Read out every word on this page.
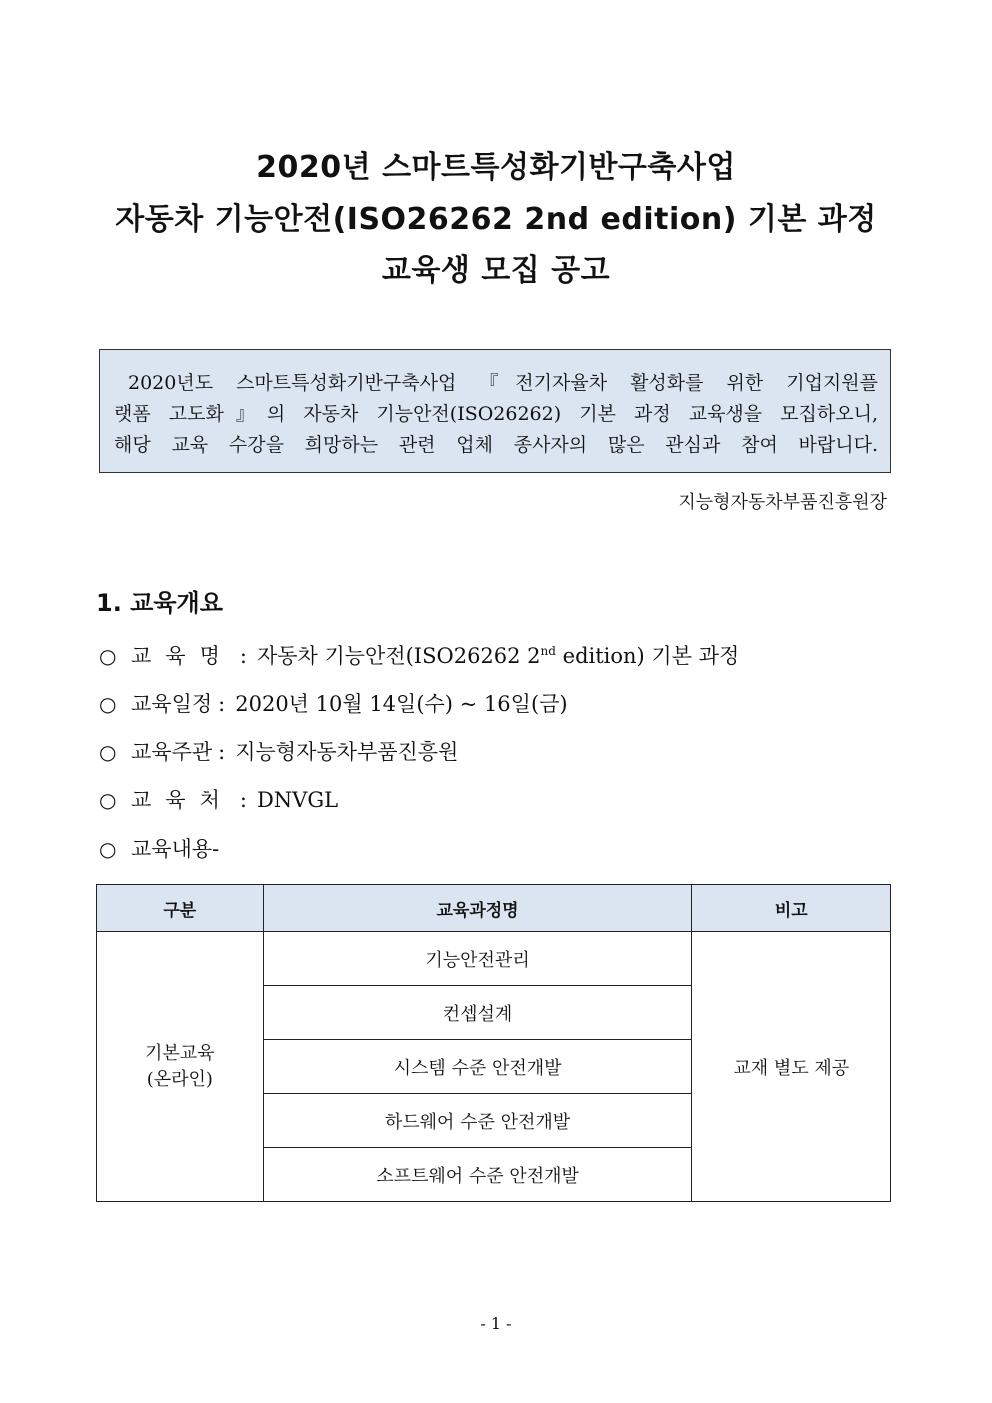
2020년 스마트특성화기반구축사업
자동차 기능안전(ISO26262 2nd edition) 기본 과정
교육생 모집 공고
2020년도 스마트특성화기반구축사업 『전기자율차 활성화를 위한 기업지원플
랫폼 고도화』의 자동차 기능안전(ISO26262) 기본 과정 교육생을 모집하오니,
해당 교육 수강을 희망하는 관련 업체 종사자의 많은 관심과 참여 바랍니다.
지능형자동차부품진흥원장
1. 교육개요
○ 교육명 : 자동차 기능안전(ISO26262 2nd edition) 기본 과정
○ 교육일정 : 2020년 10월 14일(수) ~ 16일(금)
○ 교육주관 : 지능형자동차부품진흥원
○ 교육처 : DNVGL
○ 교육내용 -
구분	교육과정명	비고

기본교육
(온라인)	기능안전관리	교재 별도 제공
	컨셉설계	
	시스템 수준 안전개발	
	하드웨어 수준 안전개발	
	소프트웨어 수준 안전개발	
- 1 -
